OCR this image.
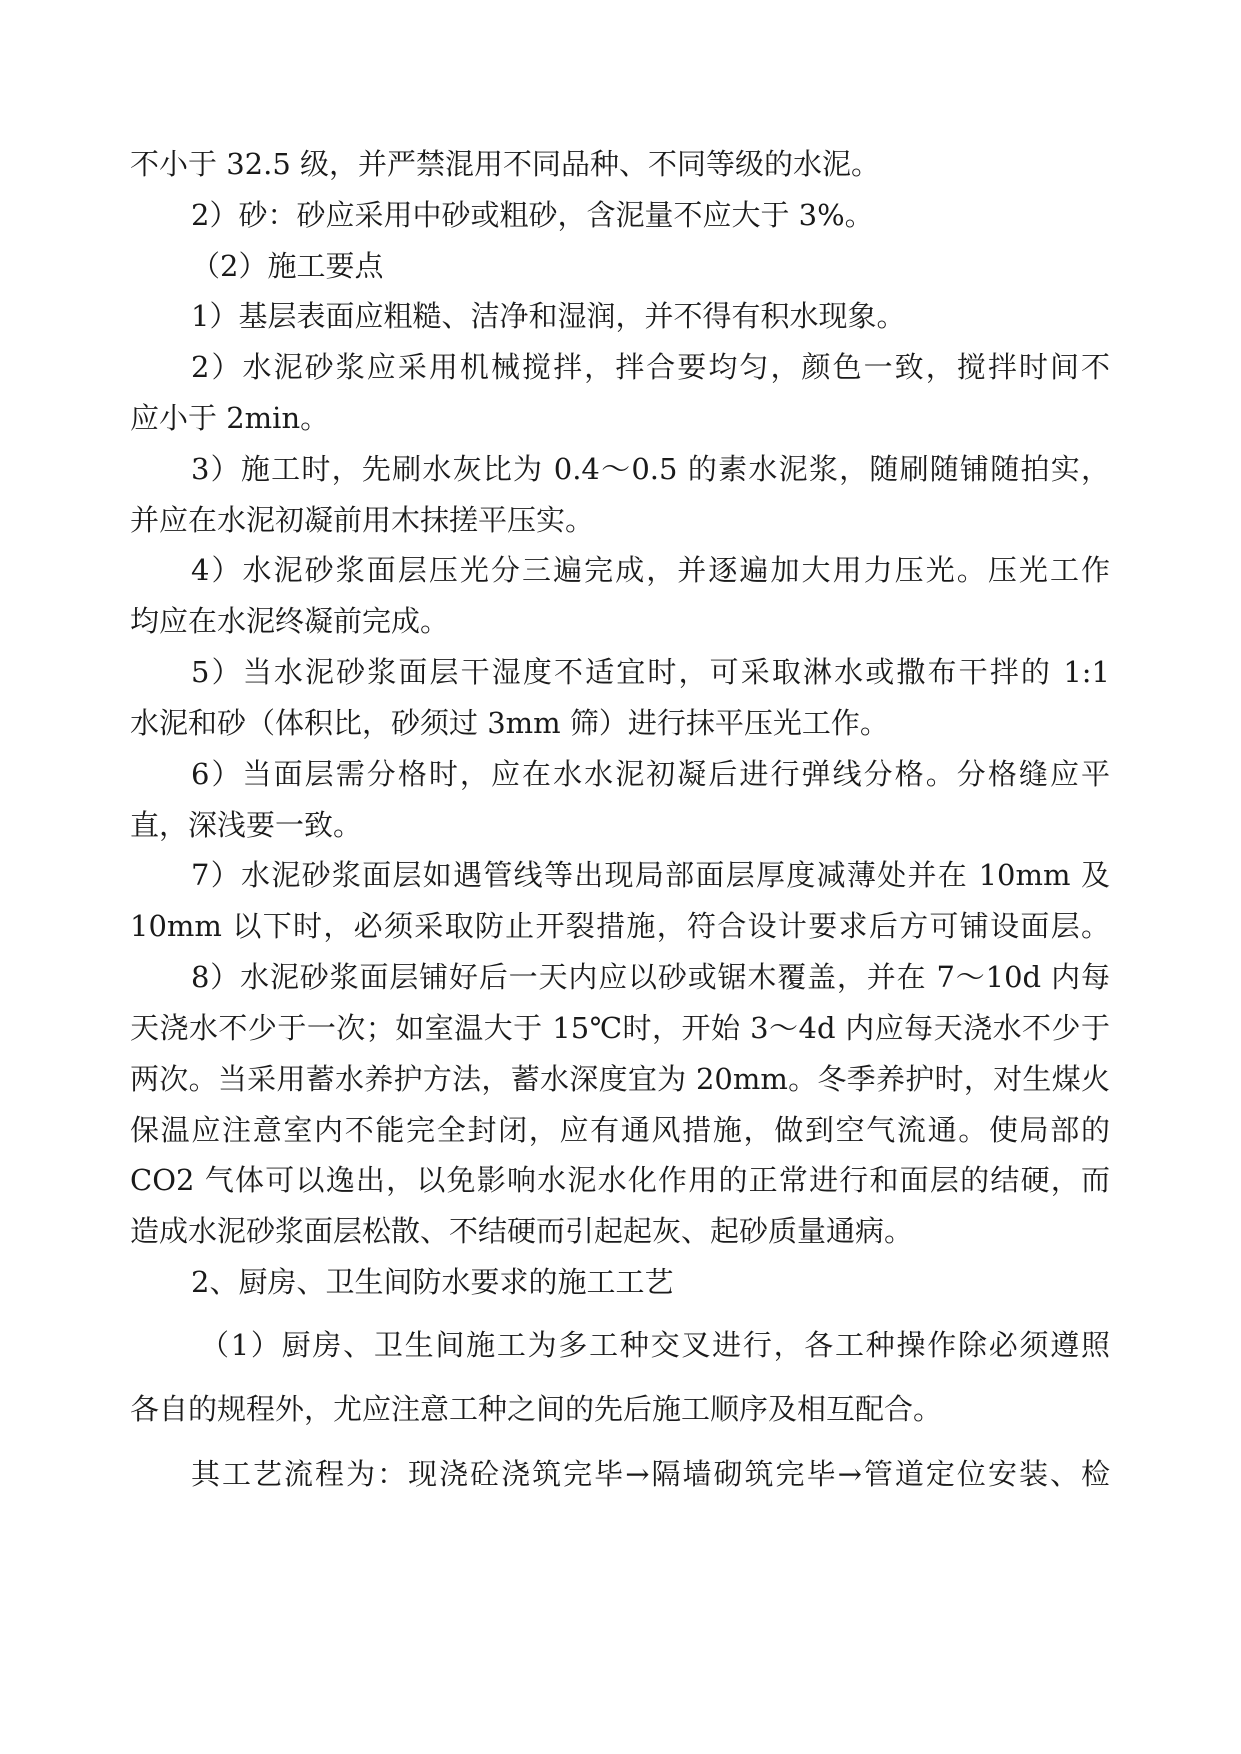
不小于 32.5 级，并严禁混用不同品种、不同等级的水泥。
2）砂：砂应采用中砂或粗砂，含泥量不应大于 3%。
（2）施工要点
1）基层表面应粗糙、洁净和湿润，并不得有积水现象。
2）水泥砂浆应采用机械搅拌，拌合要均匀，颜色一致，搅拌时间不
应小于 2min。
3）施工时，先刷水灰比为 0.4～0.5 的素水泥浆，随刷随铺随拍实，
并应在水泥初凝前用木抹搓平压实。
4）水泥砂浆面层压光分三遍完成，并逐遍加大用力压光。压光工作
均应在水泥终凝前完成。
5）当水泥砂浆面层干湿度不适宜时，可采取淋水或撒布干拌的 1:1
水泥和砂（体积比，砂须过 3mm 筛）进行抹平压光工作。
6）当面层需分格时，应在水水泥初凝后进行弹线分格。分格缝应平
直，深浅要一致。
7）水泥砂浆面层如遇管线等出现局部面层厚度减薄处并在 10mm 及
10mm 以下时，必须采取防止开裂措施，符合设计要求后方可铺设面层。
8）水泥砂浆面层铺好后一天内应以砂或锯木覆盖，并在 7～10d 内每
天浇水不少于一次；如室温大于 15℃时，开始 3～4d 内应每天浇水不少于
两次。当采用蓄水养护方法，蓄水深度宜为 20mm。冬季养护时，对生煤火
保温应注意室内不能完全封闭，应有通风措施，做到空气流通。使局部的
CO2 气体可以逸出，以免影响水泥水化作用的正常进行和面层的结硬，而
造成水泥砂浆面层松散、不结硬而引起起灰、起砂质量通病。
2、厨房、卫生间防水要求的施工工艺
（1）厨房、卫生间施工为多工种交叉进行，各工种操作除必须遵照
各自的规程外，尤应注意工种之间的先后施工顺序及相互配合。
其工艺流程为：现浇砼浇筑完毕→隔墙砌筑完毕→管道定位安装、检
